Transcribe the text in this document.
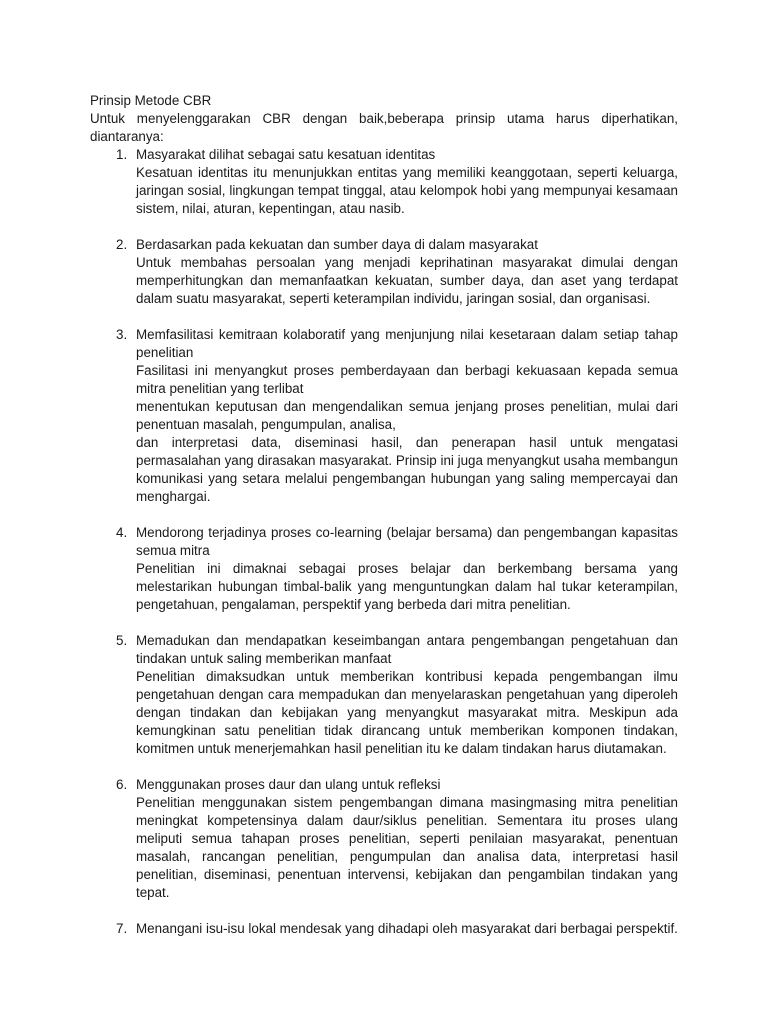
Prinsip Metode CBR

Untuk menyelenggarakan CBR dengan baik,beberapa prinsip utama harus diperhatikan, diantaranya:

1. Masyarakat dilihat sebagai satu kesatuan identitas

Kesatuan identitas itu menunjukkan entitas yang memiliki keanggotaan, seperti keluarga, jaringan sosial, lingkungan tempat tinggal, atau kelompok hobi yang mempunyai kesamaan sistem, nilai, aturan, kepentingan, atau nasib.

2. Berdasarkan pada kekuatan dan sumber daya di dalam masyarakat

Untuk membahas persoalan yang menjadi keprihatinan masyarakat dimulai dengan memperhitungkan dan memanfaatkan kekuatan, sumber daya, dan aset yang terdapat dalam suatu masyarakat, seperti keterampilan individu, jaringan sosial, dan organisasi.

3. Memfasilitasi kemitraan kolaboratif yang menjunjung nilai kesetaraan dalam setiap tahap penelitian

Fasilitasi ini menyangkut proses pemberdayaan dan berbagi kekuasaan kepada semua mitra penelitian yang terlibat

menentukan keputusan dan mengendalikan semua jenjang proses penelitian, mulai dari penentuan masalah, pengumpulan, analisa,

dan interpretasi data, diseminasi hasil, dan penerapan hasil untuk mengatasi permasalahan yang dirasakan masyarakat. Prinsip ini juga menyangkut usaha membangun komunikasi yang setara melalui pengembangan hubungan yang saling mempercayai dan menghargai.

4. Mendorong terjadinya proses co-learning (belajar bersama) dan pengembangan kapasitas semua mitra

Penelitian ini dimaknai sebagai proses belajar dan berkembang bersama yang melestarikan hubungan timbal-balik yang menguntungkan dalam hal tukar keterampilan, pengetahuan, pengalaman, perspektif yang berbeda dari mitra penelitian.

5. Memadukan dan mendapatkan keseimbangan antara pengembangan pengetahuan dan tindakan untuk saling memberikan manfaat

Penelitian dimaksudkan untuk memberikan kontribusi kepada pengembangan ilmu pengetahuan dengan cara mempadukan dan menyelaraskan pengetahuan yang diperoleh dengan tindakan dan kebijakan yang menyangkut masyarakat mitra. Meskipun ada kemungkinan satu penelitian tidak dirancang untuk memberikan komponen tindakan, komitmen untuk menerjemahkan hasil penelitian itu ke dalam tindakan harus diutamakan.

6. Menggunakan proses daur dan ulang untuk refleksi

Penelitian menggunakan sistem pengembangan dimana masingmasing mitra penelitian meningkat kompetensinya dalam daur/siklus penelitian. Sementara itu proses ulang meliputi semua tahapan proses penelitian, seperti penilaian masyarakat, penentuan masalah, rancangan penelitian, pengumpulan dan analisa data, interpretasi hasil penelitian, diseminasi, penentuan intervensi, kebijakan dan pengambilan tindakan yang tepat.

7. Menangani isu-isu lokal mendesak yang dihadapi oleh masyarakat dari berbagai perspektif.
